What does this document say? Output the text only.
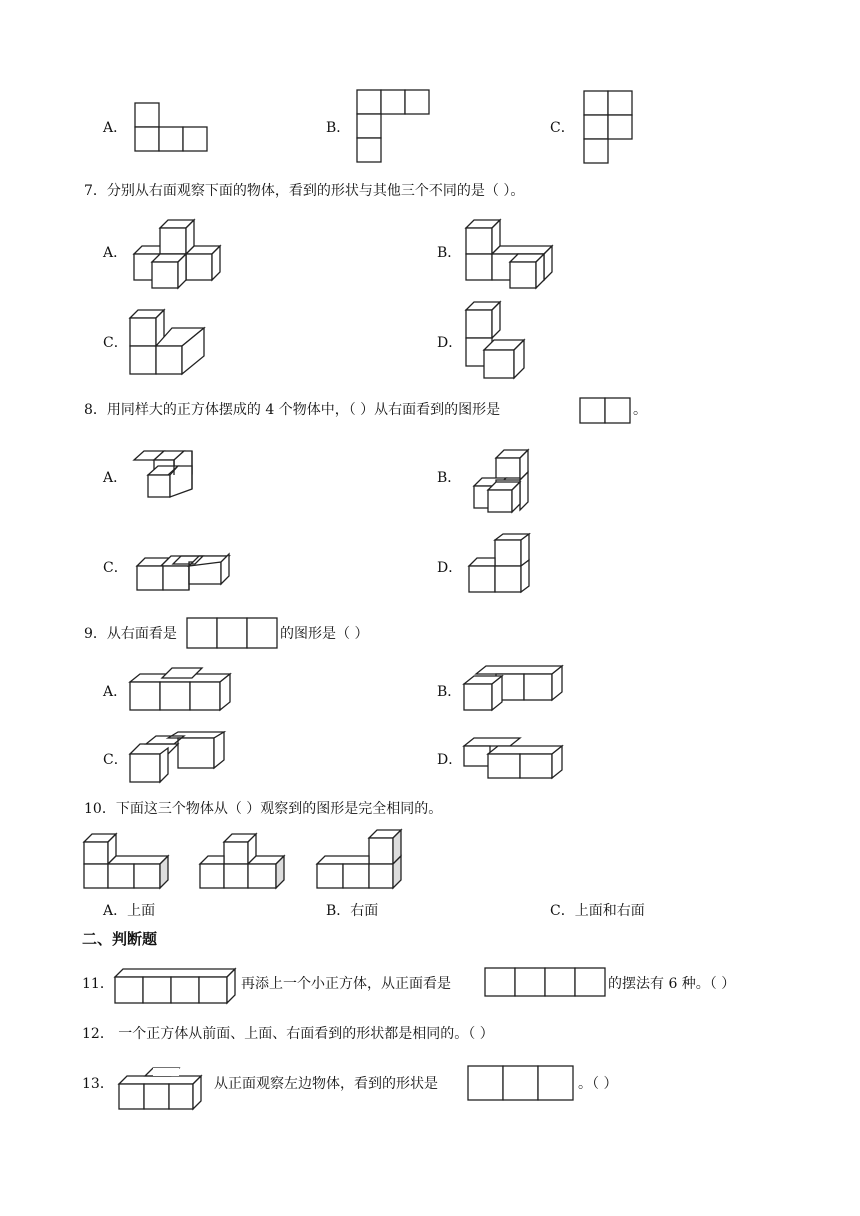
A．	B．	C．
7．分别从右面观察下面的物体，看到的形状与其他三个不同的是（ ）。
A．	B．
C．	D．
8．用同样大的正方体摆成的 4 个物体中，（ ）从右面看到的图形是	。
A．	B．
C．	D．
9．从右面看是	的图形是（ ）
A．	B．
C．	D．
10．下面这三个物体从（ ）观察到的图形是完全相同的。
A．上面	B．右面	C．上面和右面
二、判断题
11．	再添上一个小正方体，从正面看是	的摆法有 6 种。（ ）
12． 一个正方体从前面、上面、右面看到的形状都是相同的。（ ）
13．	从正面观察左边物体，看到的形状是	。（ ）
